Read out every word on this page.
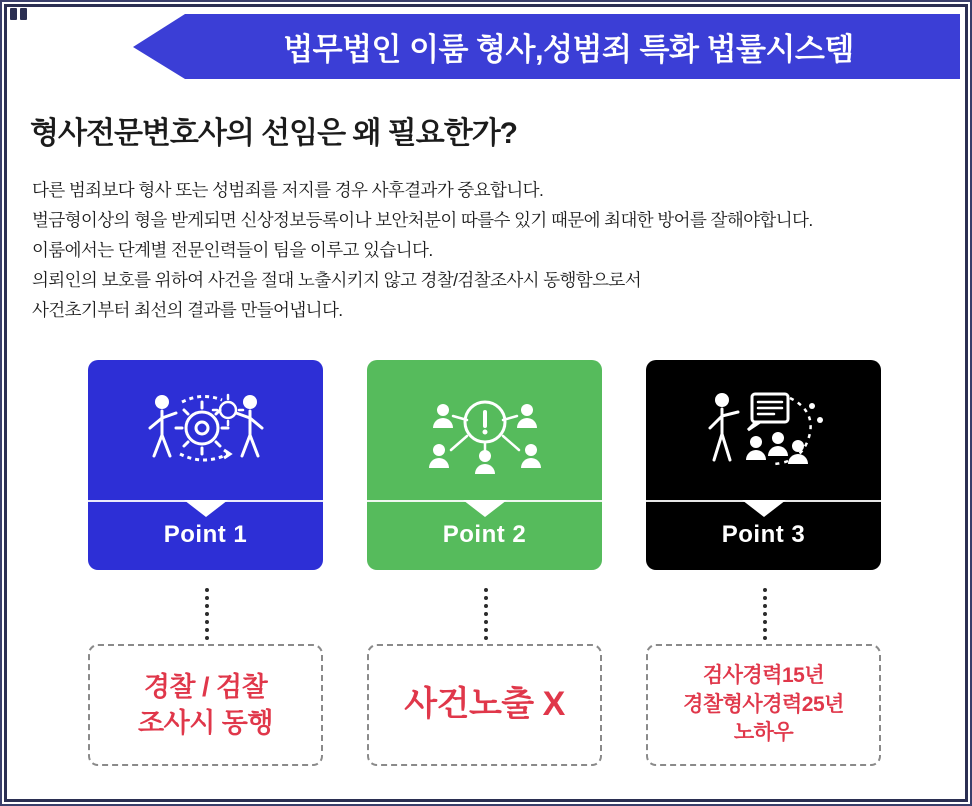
법무법인 이룸 형사,성범죄 특화 법률시스템
형사전문변호사의 선임은 왜 필요한가?
다른 범죄보다 형사 또는 성범죄를 저지를 경우 사후결과가 중요합니다.
벌금형이상의 형을 받게되면 신상정보등록이나 보안처분이 따를수 있기 때문에 최대한 방어를 잘해야합니다.
이룸에서는 단계별 전문인력들이 팀을 이루고 있습니다.
의뢰인의 보호를 위하여 사건을 절대 노출시키지 않고 경찰/검찰조사시 동행함으로서
사건초기부터 최선의 결과를 만들어냅니다.
Point 1	Point 2	Point 3
경찰 / 검찰
조사시 동행	사건노출 X
검사경력15년
경찰형사경력25년
노하우
